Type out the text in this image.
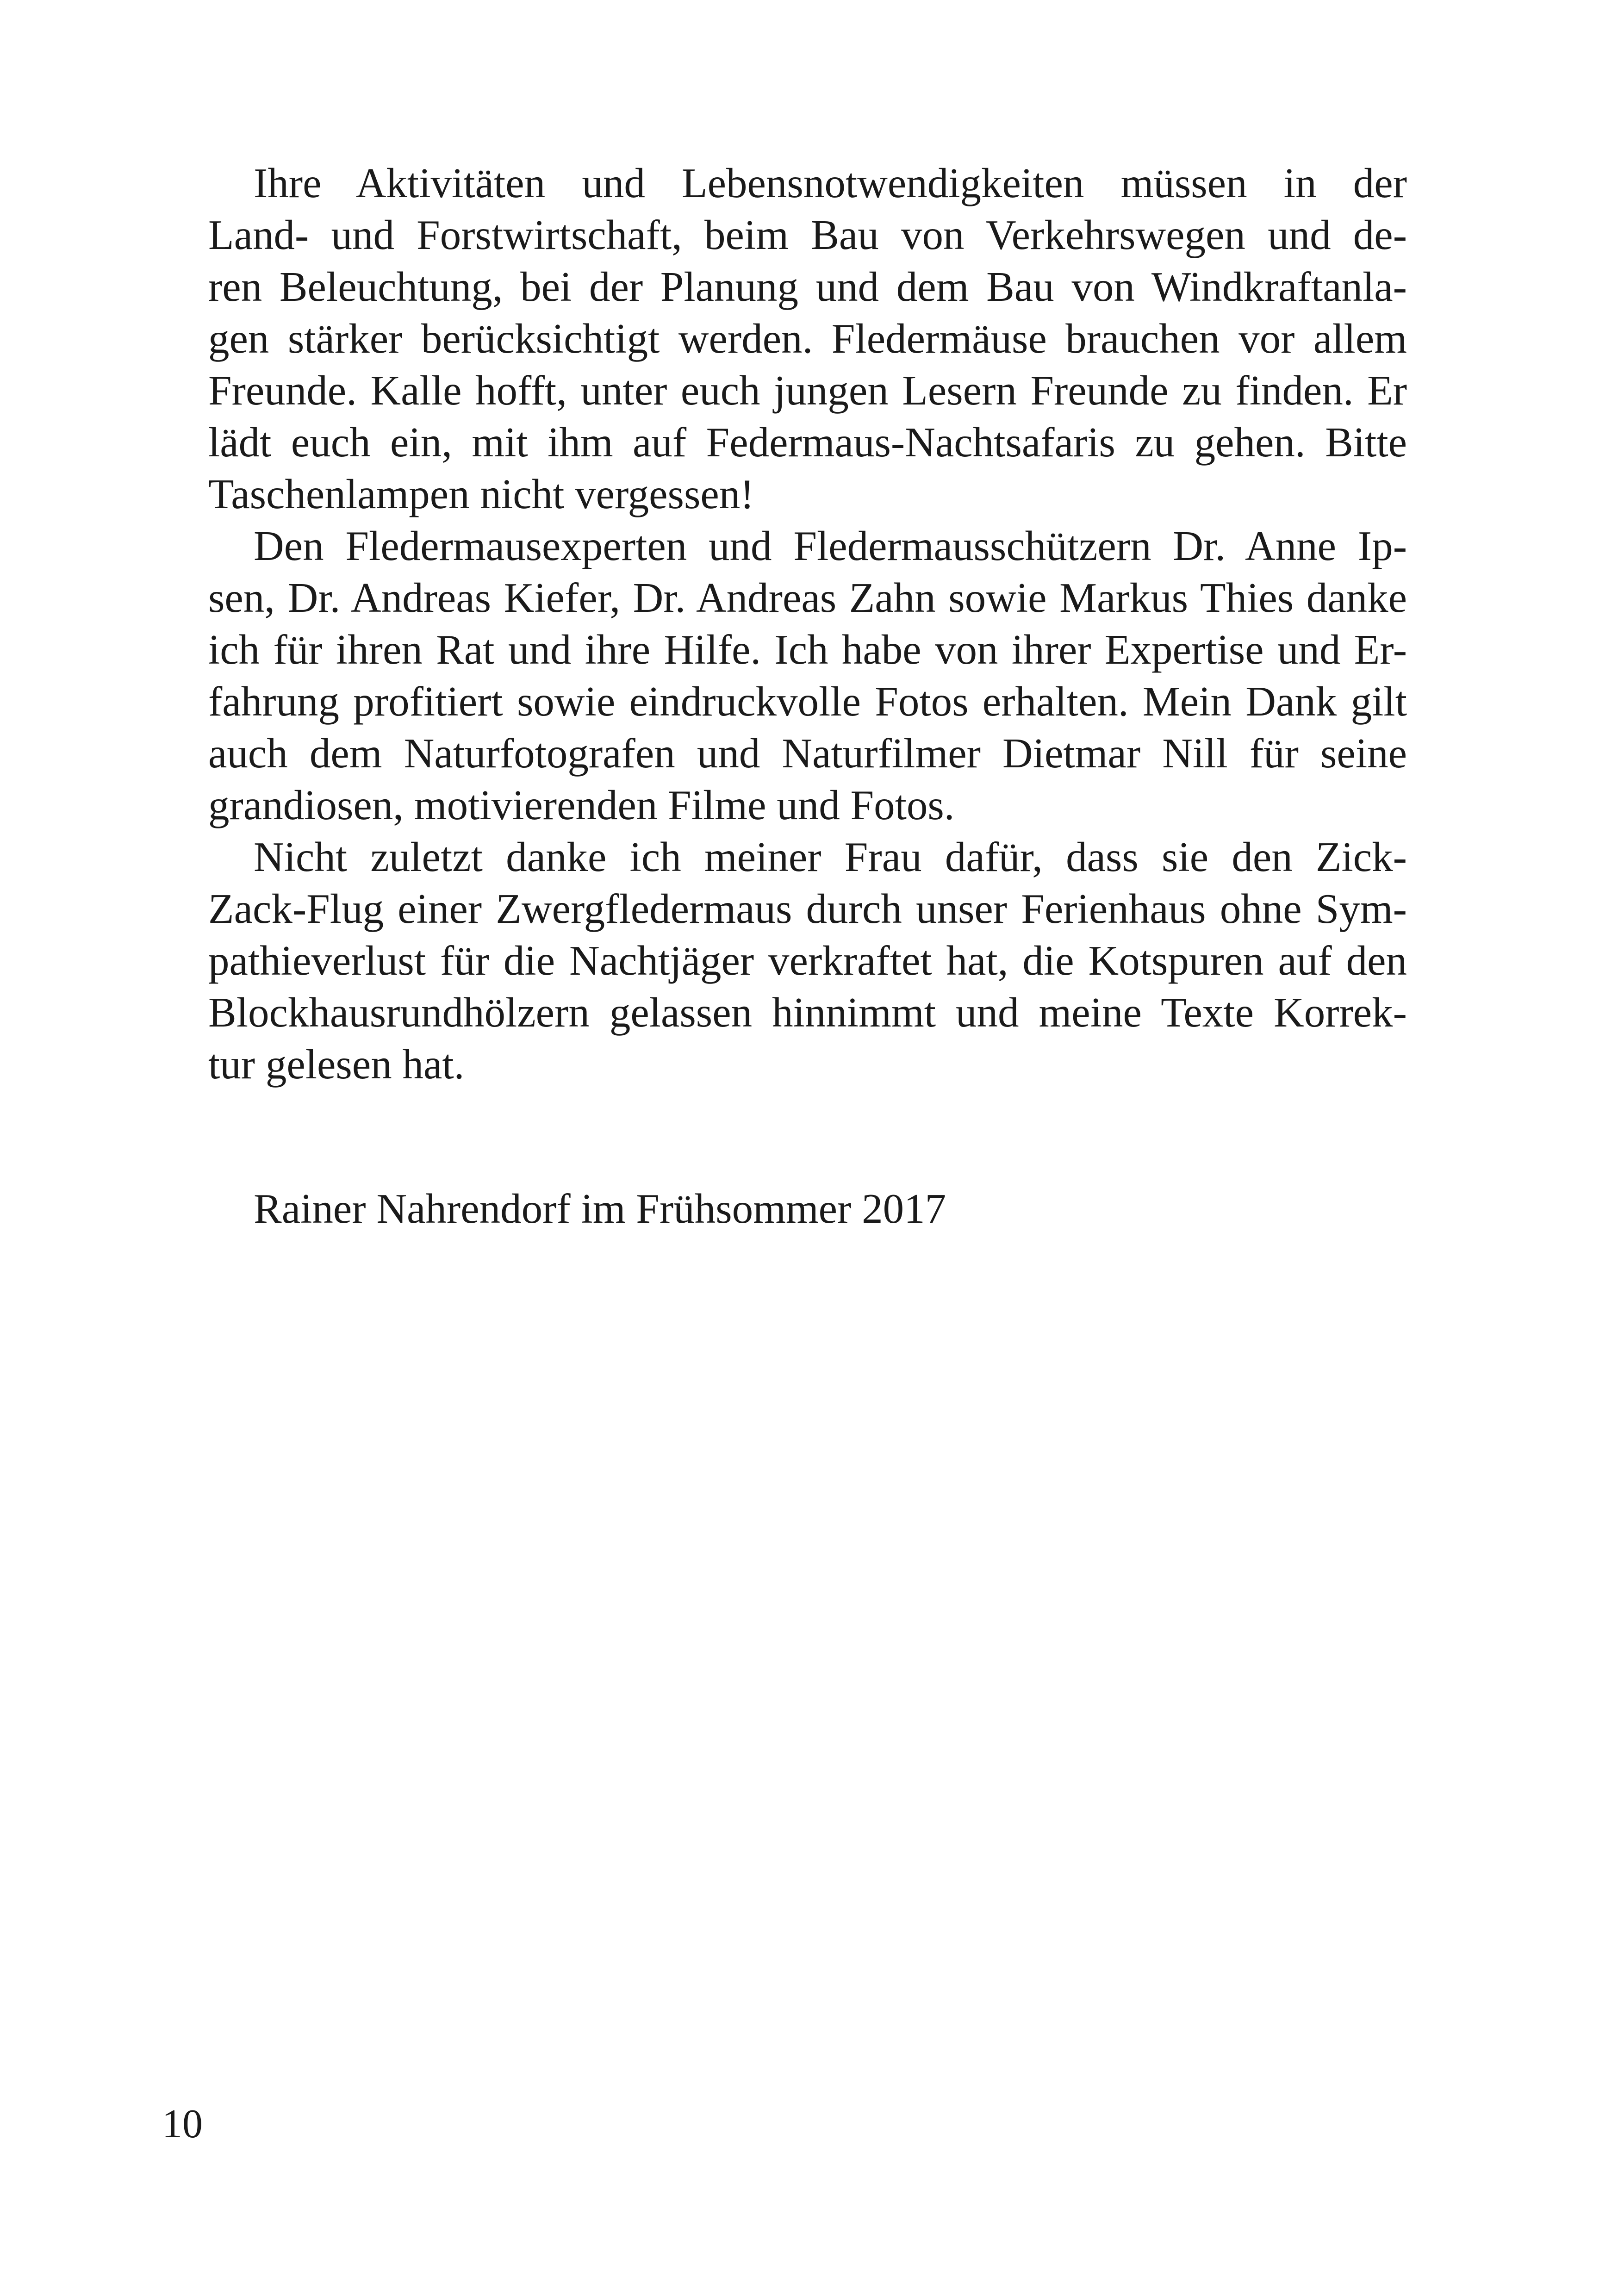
Ihre Aktivitäten und Lebensnotwendigkeiten müssen in der
Land- und Forstwirtschaft, beim Bau von Verkehrswegen und de-
ren Beleuchtung, bei der Planung und dem Bau von Windkraftanla-
gen stärker berücksichtigt werden. Fledermäuse brauchen vor allem
Freunde. Kalle hofft, unter euch jungen Lesern Freunde zu finden. Er
lädt euch ein, mit ihm auf Federmaus-Nachtsafaris zu gehen. Bitte
Taschenlampen nicht vergessen!
Den Fledermausexperten und Fledermausschützern Dr. Anne Ip-
sen, Dr. Andreas Kiefer, Dr. Andreas Zahn sowie Markus Thies danke
ich für ihren Rat und ihre Hilfe. Ich habe von ihrer Expertise und Er-
fahrung profitiert sowie eindruckvolle Fotos erhalten. Mein Dank gilt
auch dem Naturfotografen und Naturfilmer Dietmar Nill für seine
grandiosen, motivierenden Filme und Fotos.
Nicht zuletzt danke ich meiner Frau dafür, dass sie den Zick-
Zack-Flug einer Zwergfledermaus durch unser Ferienhaus ohne Sym-
pathieverlust für die Nachtjäger verkraftet hat, die Kotspuren auf den
Blockhausrundhölzern gelassen hinnimmt und meine Texte Korrek-
tur gelesen hat.
Rainer Nahrendorf im Frühsommer 2017
10
